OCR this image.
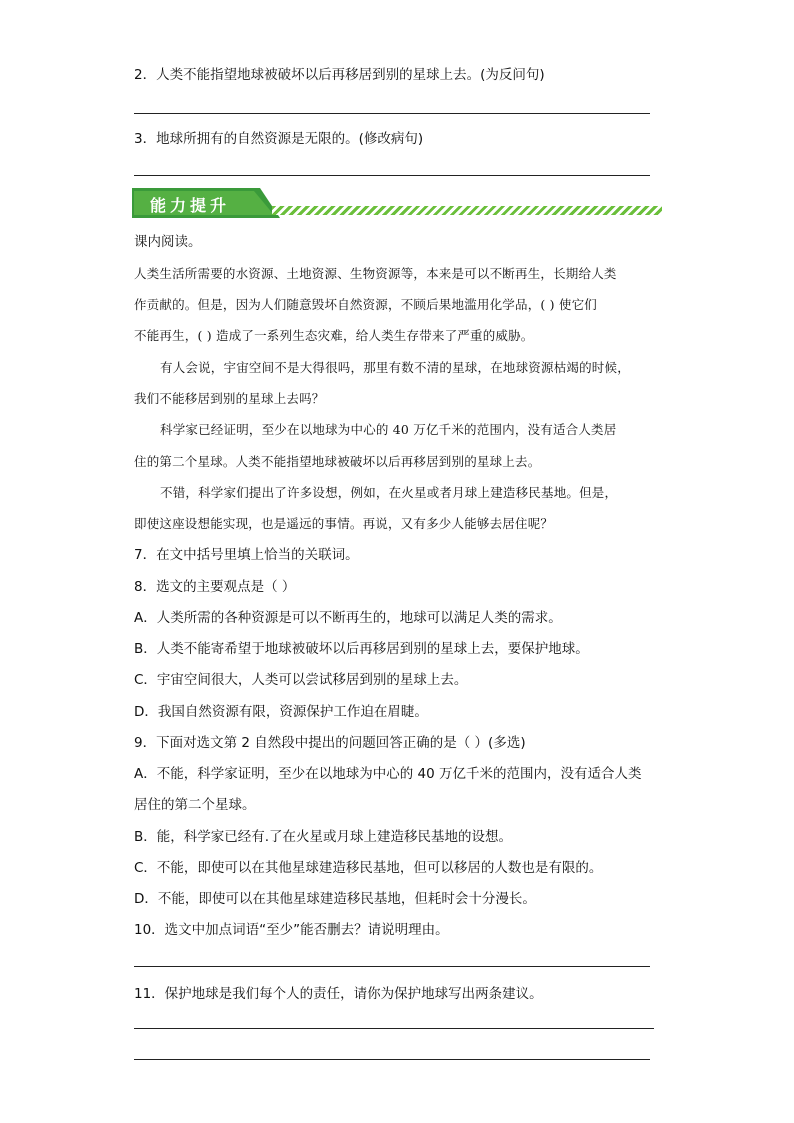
2．人类不能指望地球被破坏以后再移居到别的星球上去。(为反问句)
3．地球所拥有的自然资源是无限的。(修改病句)
能力提升
课内阅读。
人类生活所需要的水资源、土地资源、生物资源等，本来是可以不断再生，长期给人类
作贡献的。但是，因为人们随意毁坏自然资源，不顾后果地滥用化学品，( ) 使它们
不能再生，( ) 造成了一系列生态灾难，给人类生存带来了严重的威胁。
有人会说，宇宙空间不是大得很吗，那里有数不清的星球，在地球资源枯竭的时候，
我们不能移居到别的星球上去吗？
科学家已经证明，至少在以地球为中心的 40 万亿千米的范围内，没有适合人类居
住的第二个星球。人类不能指望地球被破坏以后再移居到别的星球上去。
不错，科学家们提出了许多设想，例如，在火星或者月球上建造移民基地。但是，
即使这座设想能实现，也是遥远的事情。再说，又有多少人能够去居住呢？
7．在文中括号里填上恰当的关联词。
8．选文的主要观点是（ ）
A．人类所需的各种资源是可以不断再生的，地球可以满足人类的需求。
B．人类不能寄希望于地球被破坏以后再移居到别的星球上去，要保护地球。
C．宇宙空间很大，人类可以尝试移居到别的星球上去。
D．我国自然资源有限，资源保护工作迫在眉睫。
9．下面对选文第 2 自然段中提出的问题回答正确的是（ ）(多选)
A．不能，科学家证明，至少在以地球为中心的 40 万亿千米的范围内，没有适合人类
居住的第二个星球。
B．能，科学家已经有.了在火星或月球上建造移民基地的设想。
C．不能，即使可以在其他星球建造移民基地，但可以移居的人数也是有限的。
D．不能，即使可以在其他星球建造移民基地，但耗时会十分漫长。
10．选文中加点词语“至少”能否删去？请说明理由。
11．保护地球是我们每个人的责任，请你为保护地球写出两条建议。
